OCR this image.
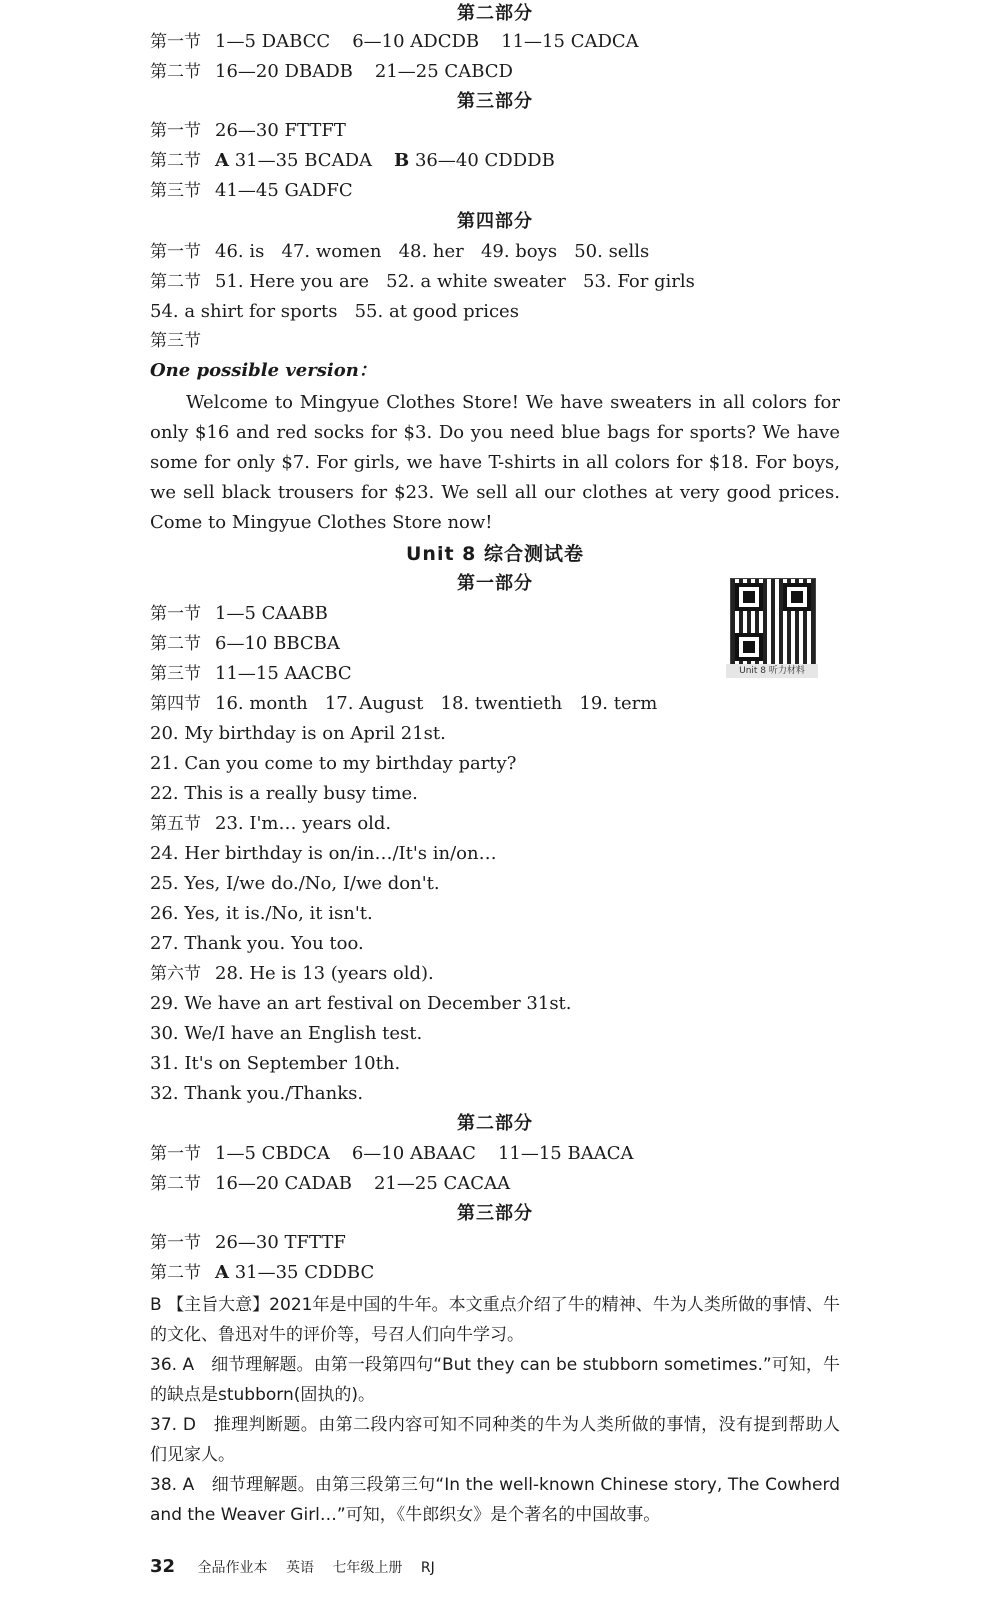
第二部分
第一节 1—5 DABCC 6—10 ADCDB 11—15 CADCA
第二节 16—20 DBADB 21—25 CABCD
第三部分
第一节 26—30 FTTFT
第二节 A 31—35 BCADA B 36—40 CDDDB
第三节 41—45 GADFC
第四部分
第一节 46. is   47. women   48. her   49. boys   50. sells
第二节 51. Here you are   52. a white sweater   53. For girls
54. a shirt for sports   55. at good prices
第三节
One possible version：
Welcome to Mingyue Clothes Store! We have sweaters in all colors for only $16 and red socks for $3. Do you need blue bags for sports? We have some for only $7. For girls, we have T-shirts in all colors for $18. For boys, we sell black trousers for $23. We sell all our clothes at very good prices. Come to Mingyue Clothes Store now!
Unit 8 综合测试卷
第一部分
Unit 8 听力材料
第一节 1—5 CAABB
第二节 6—10 BBCBA
第三节 11—15 AACBC
第四节 16. month   17. August   18. twentieth   19. term
20. My birthday is on April 21st.
21. Can you come to my birthday party?
22. This is a really busy time.
第五节 23. I'm… years old.
24. Her birthday is on/in…/It's in/on…
25. Yes, I/we do./No, I/we don't.
26. Yes, it is./No, it isn't.
27. Thank you. You too.
第六节 28. He is 13 (years old).
29. We have an art festival on December 31st.
30. We/I have an English test.
31. It's on September 10th.
32. Thank you./Thanks.
第二部分
第一节 1—5 CBDCA 6—10 ABAAC 11—15 BAACA
第二节 16—20 CADAB 21—25 CACAA
第三部分
第一节 26—30 TFTTF
第二节 A 31—35 CDDBC
B 【主旨大意】2021年是中国的牛年。本文重点介绍了牛的精神、牛为人类所做的事情、牛的文化、鲁迅对牛的评价等，号召人们向牛学习。
36. A　细节理解题。由第一段第四句“But they can be stubborn sometimes.”可知，牛的缺点是stubborn(固执的)。
37. D　推理判断题。由第二段内容可知不同种类的牛为人类所做的事情，没有提到帮助人们见家人。
38. A　细节理解题。由第三段第三句“In the well-known Chinese story, The Cowherd and the Weaver Girl…”可知，《牛郎织女》是个著名的中国故事。
32 全品作业本 英语 七年级上册 RJ
